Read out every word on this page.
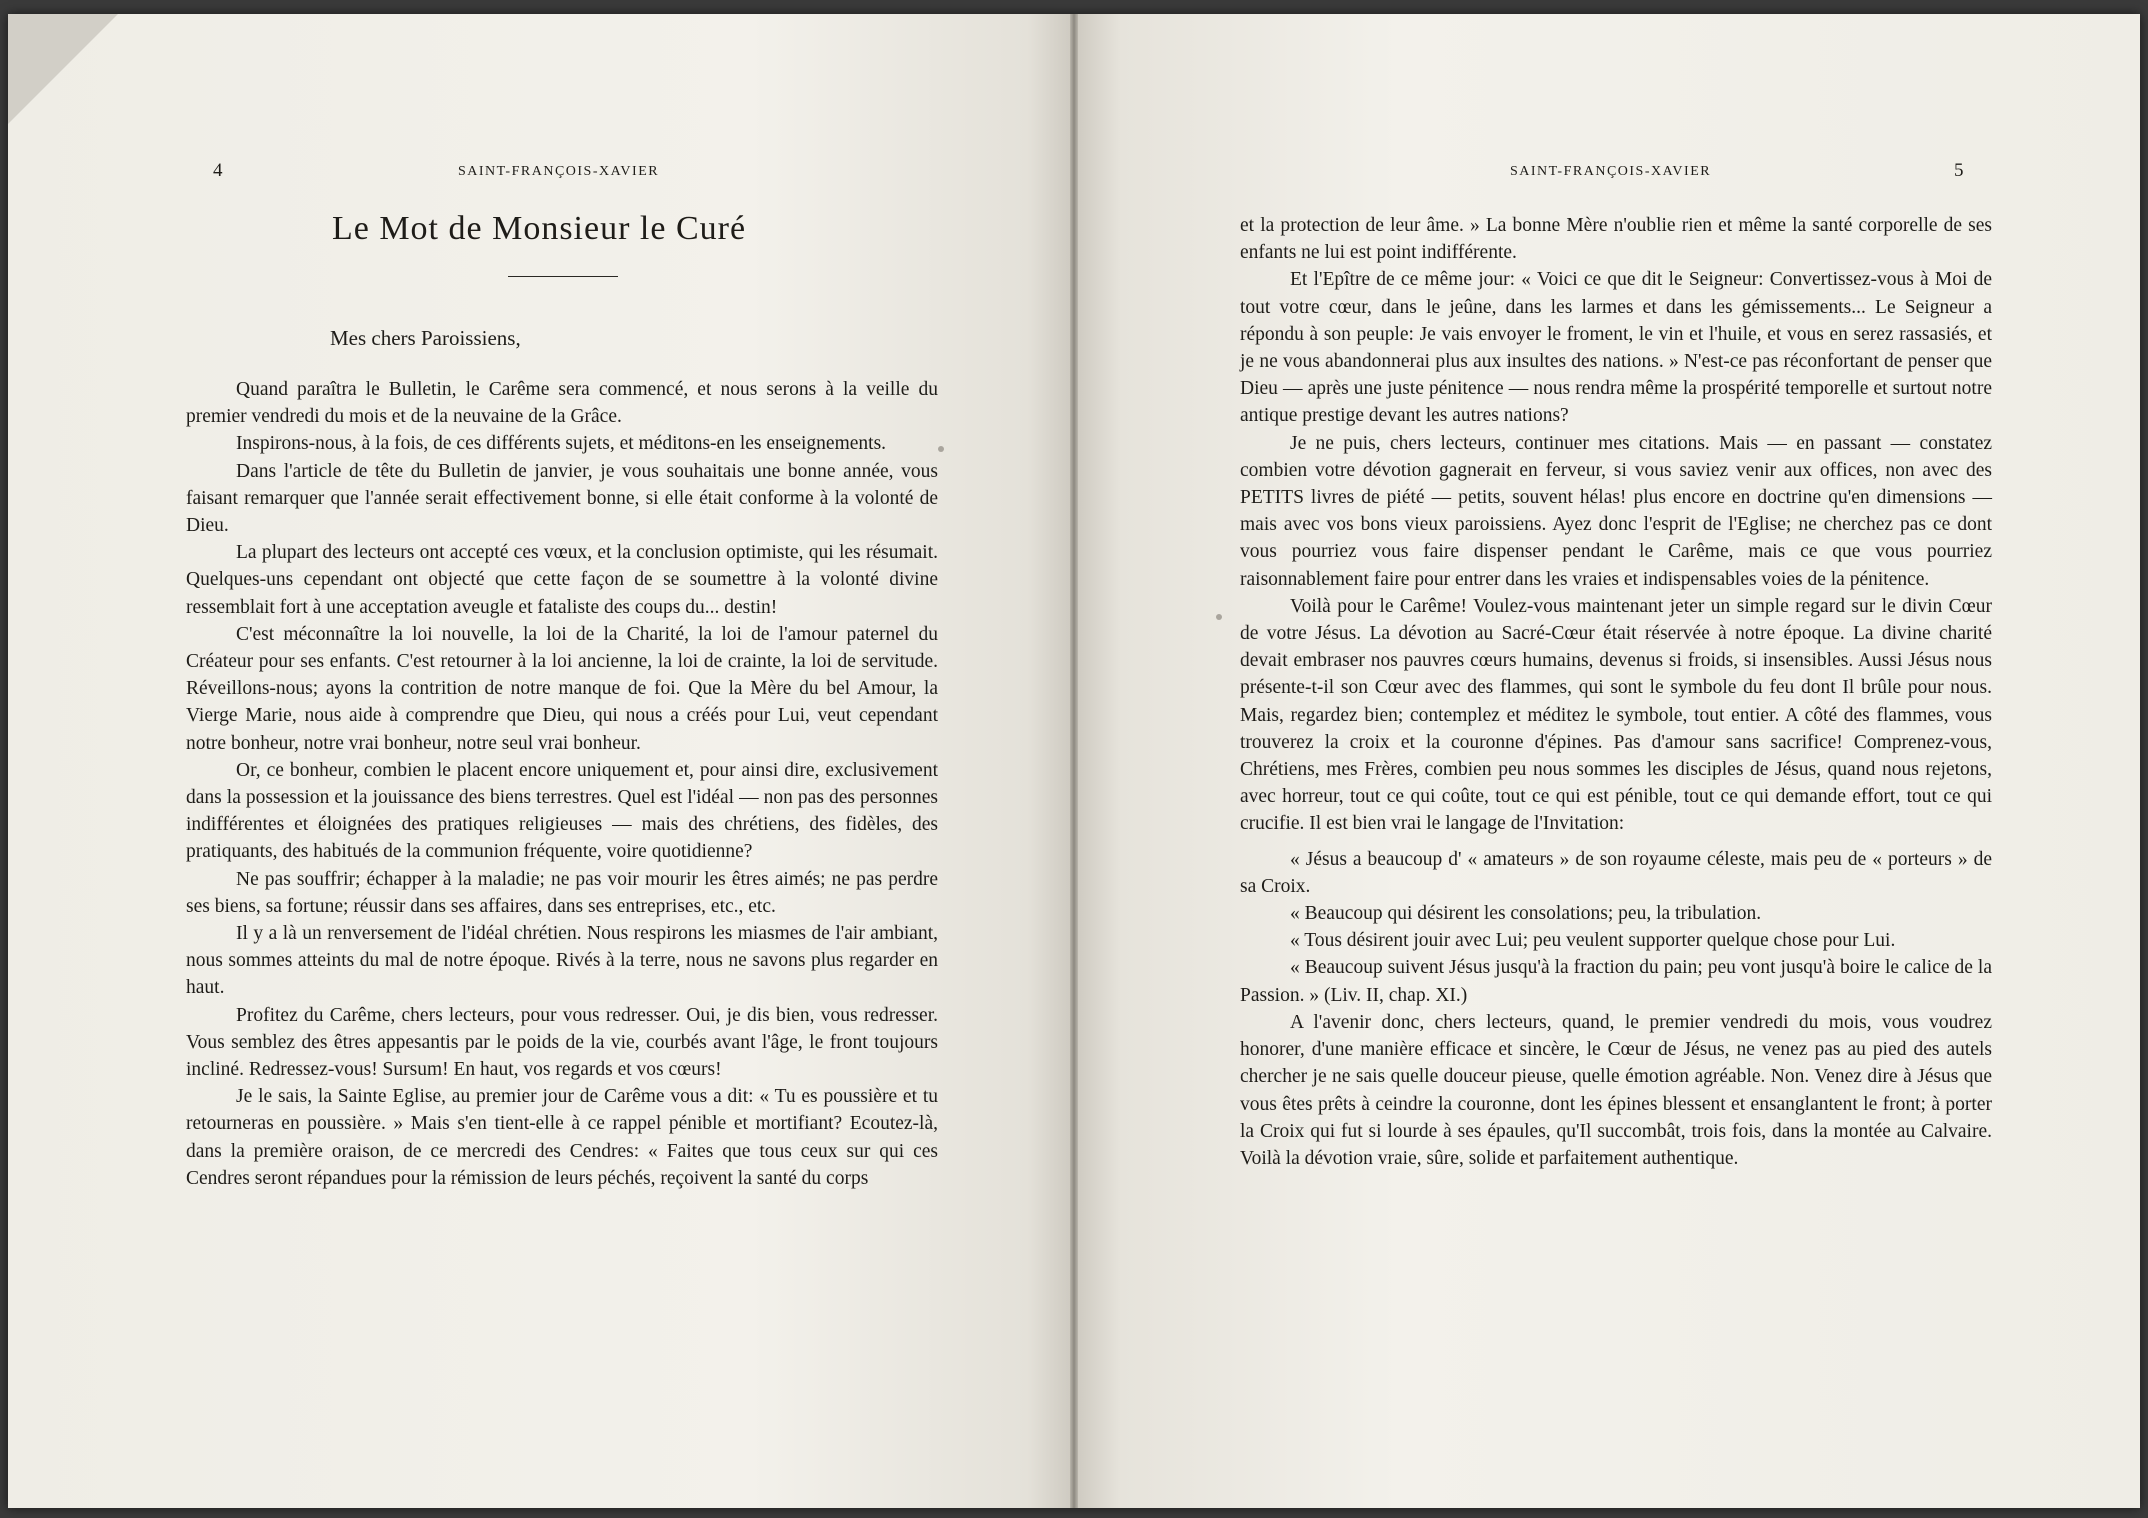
4	SAINT-FRANÇOIS-XAVIER
Le Mot de Monsieur le Curé
Mes chers Paroissiens,

Quand paraîtra le Bulletin, le Carême sera commencé, et nous serons à la veille du premier vendredi du mois et de la neuvaine de la Grâce.

Inspirons-nous, à la fois, de ces différents sujets, et méditons-en les enseignements.

Dans l'article de tête du Bulletin de janvier, je vous souhaitais une bonne année, vous faisant remarquer que l'année serait effectivement bonne, si elle était conforme à la volonté de Dieu.

La plupart des lecteurs ont accepté ces vœux, et la conclusion optimiste, qui les résumait. Quelques-uns cependant ont objecté que cette façon de se soumettre à la volonté divine ressemblait fort à une acceptation aveugle et fataliste des coups du... destin!

C'est méconnaître la loi nouvelle, la loi de la Charité, la loi de l'amour paternel du Créateur pour ses enfants. C'est retourner à la loi ancienne, la loi de crainte, la loi de servitude. Réveillons-nous; ayons la contrition de notre manque de foi. Que la Mère du bel Amour, la Vierge Marie, nous aide à comprendre que Dieu, qui nous a créés pour Lui, veut cependant notre bonheur, notre vrai bonheur, notre seul vrai bonheur.

Or, ce bonheur, combien le placent encore uniquement et, pour ainsi dire, exclusivement dans la possession et la jouissance des biens terrestres. Quel est l'idéal — non pas des personnes indifférentes et éloignées des pratiques religieuses — mais des chrétiens, des fidèles, des pratiquants, des habitués de la communion fréquente, voire quotidienne?

Ne pas souffrir; échapper à la maladie; ne pas voir mourir les êtres aimés; ne pas perdre ses biens, sa fortune; réussir dans ses affaires, dans ses entreprises, etc., etc.

Il y a là un renversement de l'idéal chrétien. Nous respirons les miasmes de l'air ambiant, nous sommes atteints du mal de notre époque. Rivés à la terre, nous ne savons plus regarder en haut.

Profitez du Carême, chers lecteurs, pour vous redresser. Oui, je dis bien, vous redresser. Vous semblez des êtres appesantis par le poids de la vie, courbés avant l'âge, le front toujours incliné. Redressez-vous! Sursum! En haut, vos regards et vos cœurs!

Je le sais, la Sainte Eglise, au premier jour de Carême vous a dit: « Tu es poussière et tu retourneras en poussière. » Mais s'en tient-elle à ce rappel pénible et mortifiant? Ecoutez-là, dans la première oraison, de ce mercredi des Cendres: « Faites que tous ceux sur qui ces Cendres seront répandues pour la rémission de leurs péchés, reçoivent la santé du corps

SAINT-FRANÇOIS-XAVIER	5

et la protection de leur âme. » La bonne Mère n'oublie rien et même la santé corporelle de ses enfants ne lui est point indifférente.

Et l'Epître de ce même jour: « Voici ce que dit le Seigneur: Convertissez-vous à Moi de tout votre cœur, dans le jeûne, dans les larmes et dans les gémissements... Le Seigneur a répondu à son peuple: Je vais envoyer le froment, le vin et l'huile, et vous en serez rassasiés, et je ne vous abandonnerai plus aux insultes des nations. » N'est-ce pas réconfortant de penser que Dieu — après une juste pénitence — nous rendra même la prospérité temporelle et surtout notre antique prestige devant les autres nations?

Je ne puis, chers lecteurs, continuer mes citations. Mais — en passant — constatez combien votre dévotion gagnerait en ferveur, si vous saviez venir aux offices, non avec des PETITS livres de piété — petits, souvent hélas! plus encore en doctrine qu'en dimensions — mais avec vos bons vieux paroissiens. Ayez donc l'esprit de l'Eglise; ne cherchez pas ce dont vous pourriez vous faire dispenser pendant le Carême, mais ce que vous pourriez raisonnablement faire pour entrer dans les vraies et indispensables voies de la pénitence.

Voilà pour le Carême! Voulez-vous maintenant jeter un simple regard sur le divin Cœur de votre Jésus. La dévotion au Sacré-Cœur était réservée à notre époque. La divine charité devait embraser nos pauvres cœurs humains, devenus si froids, si insensibles. Aussi Jésus nous présente-t-il son Cœur avec des flammes, qui sont le symbole du feu dont Il brûle pour nous. Mais, regardez bien; contemplez et méditez le symbole, tout entier. A côté des flammes, vous trouverez la croix et la couronne d'épines. Pas d'amour sans sacrifice! Comprenez-vous, Chrétiens, mes Frères, combien peu nous sommes les disciples de Jésus, quand nous rejetons, avec horreur, tout ce qui coûte, tout ce qui est pénible, tout ce qui demande effort, tout ce qui crucifie. Il est bien vrai le langage de l'Invitation:

« Jésus a beaucoup d' « amateurs » de son royaume céleste, mais peu de « porteurs » de sa Croix.

« Beaucoup qui désirent les consolations; peu, la tribulation.

« Tous désirent jouir avec Lui; peu veulent supporter quelque chose pour Lui.

« Beaucoup suivent Jésus jusqu'à la fraction du pain; peu vont jusqu'à boire le calice de la Passion. » (Liv. II, chap. XI.)

A l'avenir donc, chers lecteurs, quand, le premier vendredi du mois, vous voudrez honorer, d'une manière efficace et sincère, le Cœur de Jésus, ne venez pas au pied des autels chercher je ne sais quelle douceur pieuse, quelle émotion agréable. Non. Venez dire à Jésus que vous êtes prêts à ceindre la couronne, dont les épines blessent et ensanglantent le front; à porter la Croix qui fut si lourde à ses épaules, qu'Il succombât, trois fois, dans la montée au Calvaire. Voilà la dévotion vraie, sûre, solide et parfaitement authentique.
